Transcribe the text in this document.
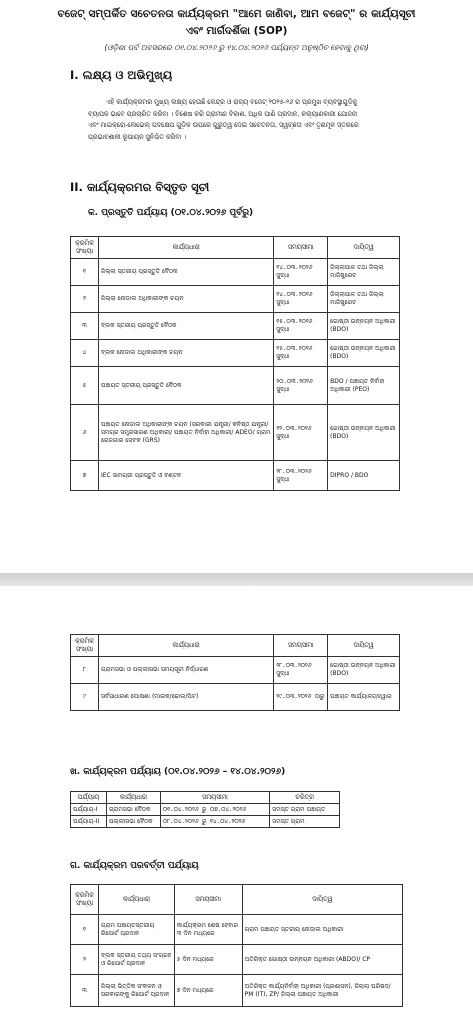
ବଜେଟ୍ ସମ୍ପର୍କିତ ସଚେତନତା କାର୍ଯ୍ୟକ୍ରମ "ଆମେ ଜାଣିବା, ଆମ ବଜେଟ୍" ର କାର୍ଯ୍ୟସୂଚୀ
ଏବଂ ମାର୍ଗଦର୍ଶିକା (SOP)
(ଓଡ଼ିଶା ପର୍ବ ଅବସରରେ ୦୧.୦୪.୨୦୨୬ ରୁ ୧୪.୦୪.୨୦୨୬ ପର୍ଯ୍ୟନ୍ତ ଅନୁଷ୍ଠିତ ହେବାକୁ ଥିବା)
I. ଲକ୍ଷ୍ୟ ଓ ଅଭିମୁଖ୍ୟ
ଏହି କାର୍ଯ୍ୟକ୍ରମର ମୁଖ୍ୟ ଲକ୍ଷ୍ୟ ହେଉଛି କେନ୍ଦ୍ର ଓ ରାଜ୍ୟ ବଜେଟ୍ ୨୦୨୫-୨୬ ର ପ୍ରମୁଖ ବ୍ୟବସ୍ଥାଗୁଡ଼ିକୁ
ବ୍ୟାପକ ଭାବେ ପ୍ରଚାରିତ କରିବା । ବିଶେଷ କରି ଗ୍ରାମୀଣ ବିକାଶ, ଅଧିକ ପାଣି ପ୍ରଦାନ, କଲ୍ୟାଣକାରୀ ଯୋଜନା
ଏବଂ ମାଇକ୍ରୋ-ଲେଭେଲ୍ ପଦକ୍ଷେପ ଗୁଡ଼ିକ ଉପରେ ଗୁରୁତ୍ୱ ଦେଇ ସଚେତନତା, ସ୍ୱଚ୍ଛତା ଏବଂ ତୃଣମୂଳ ସ୍ତରରେ
ପ୍ରଭାବଶାଳୀ ରୂପାୟନ ସୁନିଶ୍ଚିତ କରିବା ।
II. କାର୍ଯ୍ୟକ୍ରମର ବିସ୍ତୃତ ସୂଚୀ
କ. ପ୍ରସ୍ତୁତି ପର୍ଯ୍ୟାୟ (୦୧.୦୪.୨୦୨୬ ପୂର୍ବରୁ)
କ୍ରମିକ ସଂଖ୍ୟା	କାର୍ଯ୍ୟଧାରା	ସମୟସୀମା	ଦାୟିତ୍ୱ
୧	ଜିଲ୍ଲା ସ୍ତରୀୟ ପ୍ରସ୍ତୁତି ବୈଠକ	୧୪.୦୩.୨୦୨୬ ସୁଦ୍ଧା	ଜିଲ୍ଲାପାଳ ତଥା ଜିଲ୍ଲା ମାଜିଷ୍ଟ୍ରେଟ
୨	ଜିଲ୍ଲା ନୋଡାଲ ଅଧିକାରୀଙ୍କ ଚୟନ	୧୪.୦୩.୨୦୨୬ ସୁଦ୍ଧା	ଜିଲ୍ଲାପାଳ ତଥା ଜିଲ୍ଲା ମାଜିଷ୍ଟ୍ରେଟ
୩	ବ୍ଲକ ସ୍ତରୀୟ ପ୍ରସ୍ତୁତି ବୈଠକ	୧୫.୦୩.୨୦୨୬ ସୁଦ୍ଧା	ଗୋଷ୍ଠୀ ଉନ୍ନୟନ ଅଧିକାରୀ (BDO)
୪	ବ୍ଲକ ନୋଡାଲ ଅଧିକାରୀଙ୍କ ଚୟନ	୧୫.୦୩.୨୦୨୬ ସୁଦ୍ଧା	ଗୋଷ୍ଠୀ ଉନ୍ନୟନ ଅଧିକାରୀ (BDO)
୫	ପଞ୍ଚାୟତ ସ୍ତରୀୟ ପ୍ରସ୍ତୁତି ବୈଠକ	୨୦.୦୩.୨୦୨୬ ସୁଦ୍ଧା	BDO / ପଞ୍ଚାୟତ ନିର୍ବାହୀ ଅଧିକାରୀ (PEO)
୬	ପଞ୍ଚାୟତ ନୋଡାଲ ଅଧିକାରୀଙ୍କ ଚୟନ (ସରକାରୀ ଯନ୍ତ୍ରୀ/ କନିଷ୍ଠ ଯନ୍ତ୍ରୀ/ ସମଗ୍ର ସମ୍ପ୍ରସାରଣ ଅଧିକାରୀ/ ପଞ୍ଚାୟତ ନିର୍ବାହୀ ଅଧିକାରୀ/ ADEO/ ଗ୍ରାମ ରୋଜଗାର ସେବକ (GRS)	୨୨.୦୩.୨୦୨୬ ସୁଦ୍ଧା	ଗୋଷ୍ଠୀ ଉନ୍ନୟନ ଅଧିକାରୀ (BDO)
୭	IEC ସାମଗ୍ରୀ ପ୍ରସ୍ତୁତି ଓ ବଣ୍ଟନ	୨୮.୦୩.୨୦୨୬ ସୁଦ୍ଧା	DIPRO / BDO
କ୍ରମିକ ସଂଖ୍ୟା	କାର୍ଯ୍ୟଧାରା	ସମୟସୀମା	ଦାୟିତ୍ୱ
୮	ଗ୍ରାମସଭା ଓ ପଲ୍ଲୀସଭା ସମୟସୂଚୀ ନିର୍ଦ୍ଧାରଣ	୨୮.୦୩.୨୦୨୬ ସୁଦ୍ଧା	ଗୋଷ୍ଠୀ ଉନ୍ନୟନ ଅଧିକାରୀ (BDO)
୯	ସର୍ବସାଧାରଣ ଘୋଷଣା (ମାଇକ/ଢୋଲ/ପିଟ)	୨୯.୦୩.୨୦୨୬ ଠାରୁ	ପଞ୍ଚାୟତ କାର୍ଯ୍ୟାଳୟଦ୍ୱାରା
ଖ. କାର୍ଯ୍ୟକ୍ରମ ପର୍ଯ୍ୟାୟ (୦୧.୦୪.୨୦୨୬ – ୧୪.୦୪.୨୦୨୬)
ପର୍ଯ୍ୟାୟ	କାର୍ଯ୍ୟଧାରା	ସମୟସୀମା	ଚରିତ୍ର
ପର୍ଯ୍ୟାୟ-I	ଗ୍ରାମସଭା ବୈଠକ	୦୧.୦୪.୨୦୨୬ ରୁ ୦୭.୦୪.୨୦୨୬	ସମସ୍ତ ଗ୍ରାମ ପଞ୍ଚାୟତ
ପର୍ଯ୍ୟାୟ-II	ପଲ୍ଲୀସଭା ବୈଠକ	୦୮.୦୪.୨୦୨୬ ରୁ ୧୪.୦୪.୨୦୨୬	ସମସ୍ତ ଗ୍ରାମ
ଗ. କାର୍ଯ୍ୟକ୍ରମ ପରବର୍ତ୍ତୀ ପର୍ଯ୍ୟାୟ
କ୍ରମିକ ସଂଖ୍ୟା	କାର୍ଯ୍ୟଧାରା	ସମୟସୀମା	ଦାୟିତ୍ୱ
୧	ଗ୍ରାମ ପଞ୍ଚାୟତସ୍ତରୀୟ ରିପୋର୍ଟ ପ୍ରଦାନ	କାର୍ଯ୍ୟକ୍ରମ ଶେଷ ହେବାର ୩ ଦିନ ମଧ୍ୟରେ	ଗ୍ରାମ ପଞ୍ଚାୟତ ସ୍ତରୀୟ ନୋଡାଲ ଅଧିକାରୀ
୨	ବ୍ଲକ ସ୍ତରୀୟ ତଥ୍ୟ ସଂଗ୍ରହ ଓ ରିପୋର୍ଟ ପ୍ରଦାନ	୫ ଦିନ ମଧ୍ୟରେ	ଅତିରିକ୍ତ ଗୋଷ୍ଠୀ ଉନ୍ନୟନ ଅଧିକାରୀ (ABDO)/ CP
୩	ଜିଲ୍ଲା ଭିତ୍ତିକ ସଂକଳନ ଓ ସରକାରଙ୍କୁ ରିପୋର୍ଟ ପ୍ରଦାନ	୭ ଦିନ ମଧ୍ୟରେ	ଅତିରିକ୍ତ କାର୍ଯ୍ୟନିର୍ବାହୀ ଅଧିକାରୀ (ପ୍ରଶାସନ), ଜିଲ୍ଲା ପରିଷଦ/ PM (IT), ZP/ ଜିଲ୍ଲା ପଞ୍ଚାୟତ ଅଧିକାରୀ
